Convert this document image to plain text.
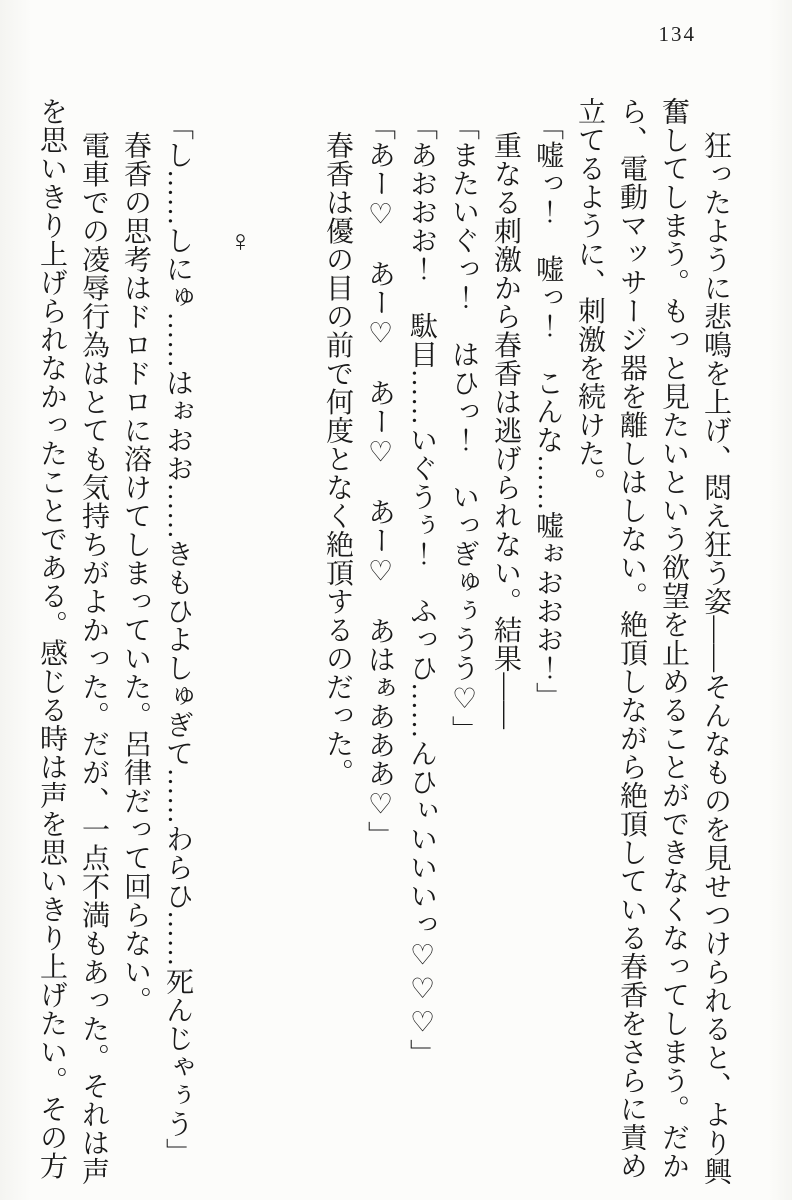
134
狂ったように悲鳴を上げ、悶え狂う姿――そんなものを見せつけられると、より興
奮してしまう。もっと見たいという欲望を止めることができなくなってしまう。だか
ら、電動マッサージ器を離しはしない。絶頂しながら絶頂している春香をさらに責め
立てるように、刺激を続けた。
「嘘っ！　嘘っ！　こんな……嘘ぉおおお！」
重なる刺激から春香は逃げられない。結果――
「またいぐっ！　はひっ！　いっぎゅぅうう♡」
「あおおお！　駄目……いぐうぅ！　ふっひ……んひぃいいいっ♡♡♡」
「あー♡　あー♡　あー♡　あー♡　あはぁあああ♡」
春香は優の目の前で何度となく絶頂するのだった。
♀
「し……しにゅ……はぉおお……きもひよしゅぎて……わらひ……死んじゃぅう」
春香の思考はドロドロに溶けてしまっていた。呂律だって回らない。
電車での凌辱行為はとても気持ちがよかった。だが、一点不満もあった。それは声
を思いきり上げられなかったことである。感じる時は声を思いきり上げたい。その方
